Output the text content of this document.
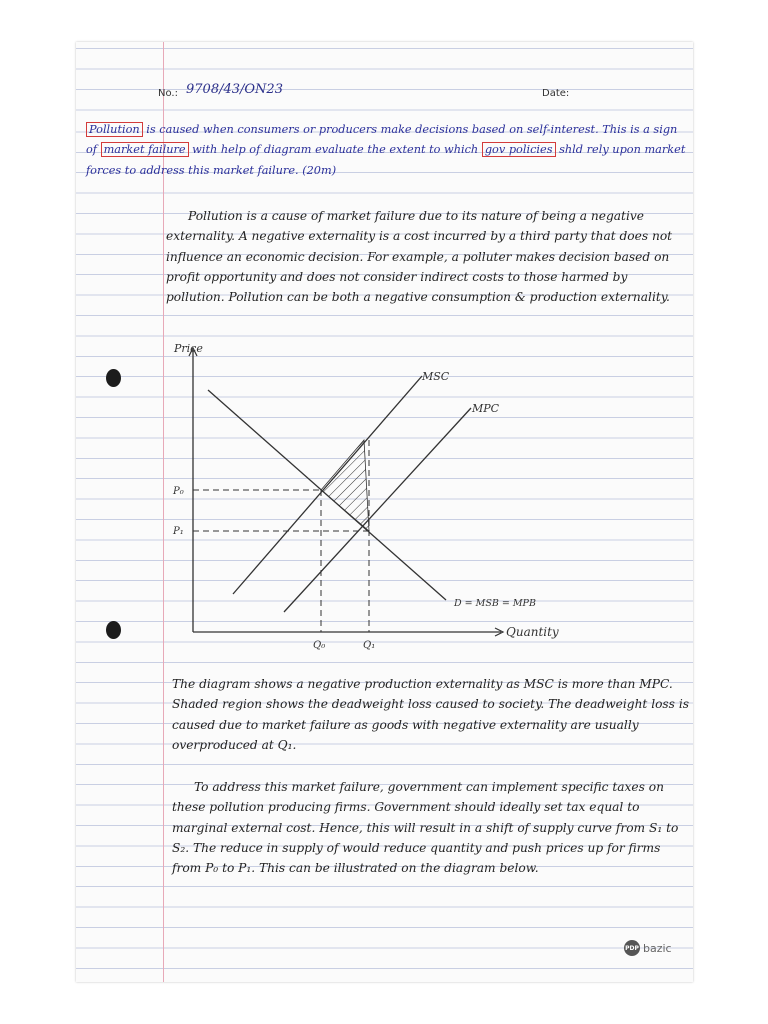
No.: 9708/43/ON23	Date:
Pollution is caused when consumers or producers make decisions based on self-interest. This is a sign of market failure with help of diagram evaluate the extent to which gov policies shld rely upon market forces to address this market failure. (20m)
Pollution is a cause of market failure due to its nature of being a negative externality. A negative externality is a cost incurred by a third party that does not influence an economic decision. For example, a polluter makes decision based on profit opportunity and does not consider indirect costs to those harmed by pollution. Pollution can be both a negative consumption & production externality.
Price
Quantity
MSC
MPC
D = MSB = MPB
P₀
P₁
Q₀	Q₁
The diagram shows a negative production externality as MSC is more than MPC. Shaded region shows the deadweight loss caused to society. The deadweight loss is caused due to market failure as goods with negative externality are usually overproduced at Q₁.
To address this market failure, government can implement specific taxes on these pollution producing firms. Government should ideally set tax equal to marginal external cost. Hence, this will result in a shift of supply curve from S₁ to S₂. The reduce in supply of would reduce quantity and push prices up for firms from P₀ to P₁. This can be illustrated on the diagram below.
PDP bazic
